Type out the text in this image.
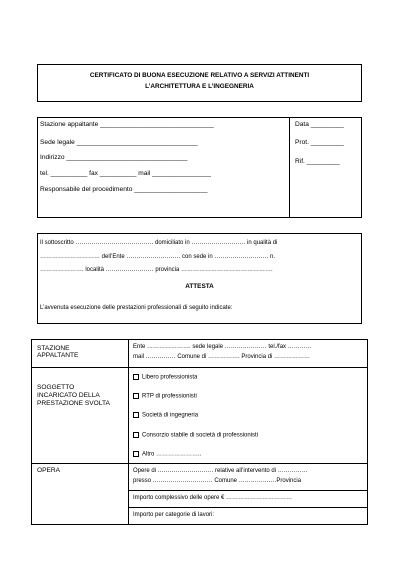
CERTIFICATO DI BUONA ESECUZIONE RELATIVO A SERVIZI ATTINENTI
L’ARCHITETTURA E L’INGEGNERIA
Stazione appaltante _______________________________
Sede legale _________________________________
Indirizzo _________________________________
tel. __________ fax __________ mail ________________
Responsabile del procedimento ____________________
Data _________
Prot. _________
Rif. _________
Il sottoscritto ………………………………… domiciliato in ……………………… in qualità di
………………………… dell’Ente ……………………… con sede in ……………………… n.
…………………. località …………………… provincia ……………………………………….
ATTESTA
L’avvenuta esecuzione delle prestazioni professionali di seguito indicate:
STAZIONE
APPALTANTE
Ente …………………. sede legale ………………… tel./fax …………
mail …………… Comune di ……………. Provincia di ………………
SOGGETTO
INCARICATO DELLA
PRESTAZIONE SVOLTA
Libero professionista
RTP di professionisti
Società di ingegneria
Consorzio stabile di società di professionisti
Altro …………………..
OPERA	Opere di ………………………. relative all’intervento di ……………
presso ………………………… Comune …………….…Provincia
Importo complessivo delle opere € ……………………………
Importo per categorie di lavori:
